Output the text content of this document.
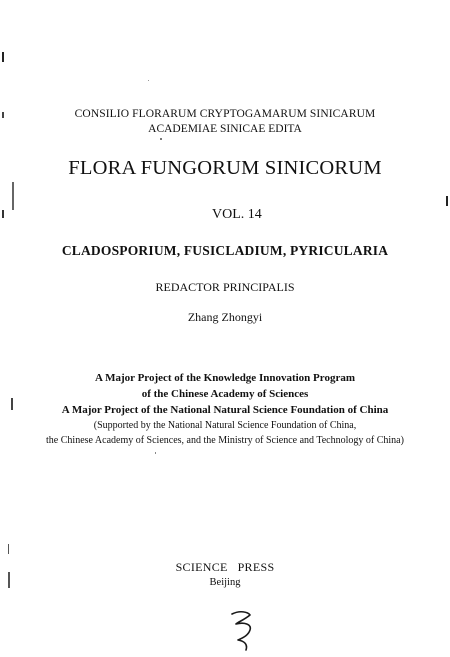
CONSILIO FLORARUM CRYPTOGAMARUM SINICARUM
ACADEMIAE SINICAE EDITA
FLORA FUNGORUM SINICORUM
VOL. 14
CLADOSPORIUM, FUSICLADIUM, PYRICULARIA
REDACTOR PRINCIPALIS
Zhang Zhongyi
A Major Project of the Knowledge Innovation Program
of the Chinese Academy of Sciences
A Major Project of the National Natural Science Foundation of China
(Supported by the National Natural Science Foundation of China,
the Chinese Academy of Sciences, and the Ministry of Science and Technology of China)
SCIENCE   PRESS
Beijing
